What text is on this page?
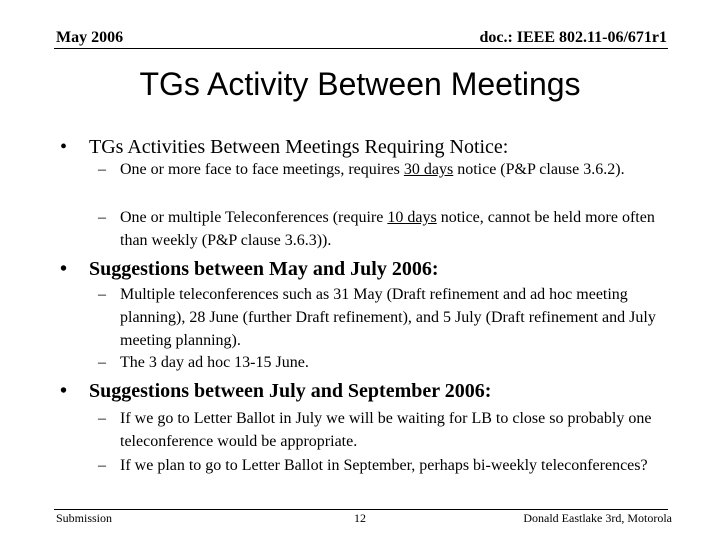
May 2006	doc.: IEEE 802.11-06/671r1
TGs Activity Between Meetings
• TGs Activities Between Meetings Requiring Notice:
– One or more face to face meetings, requires 30 days notice (P&P clause 3.6.2).
– One or multiple Teleconferences (require 10 days notice, cannot be held more often than weekly (P&P clause 3.6.3)).
• Suggestions between May and July 2006:
– Multiple teleconferences such as 31 May (Draft refinement and ad hoc meeting planning), 28 June (further Draft refinement), and 5 July (Draft refinement and July meeting planning).
– The 3 day ad hoc 13-15 June.
• Suggestions between July and September 2006:
– If we go to Letter Ballot in July we will be waiting for LB to close so probably one teleconference would be appropriate.
– If we plan to go to Letter Ballot in September, perhaps bi-weekly teleconferences?
Submission	12	Donald Eastlake 3rd, Motorola
